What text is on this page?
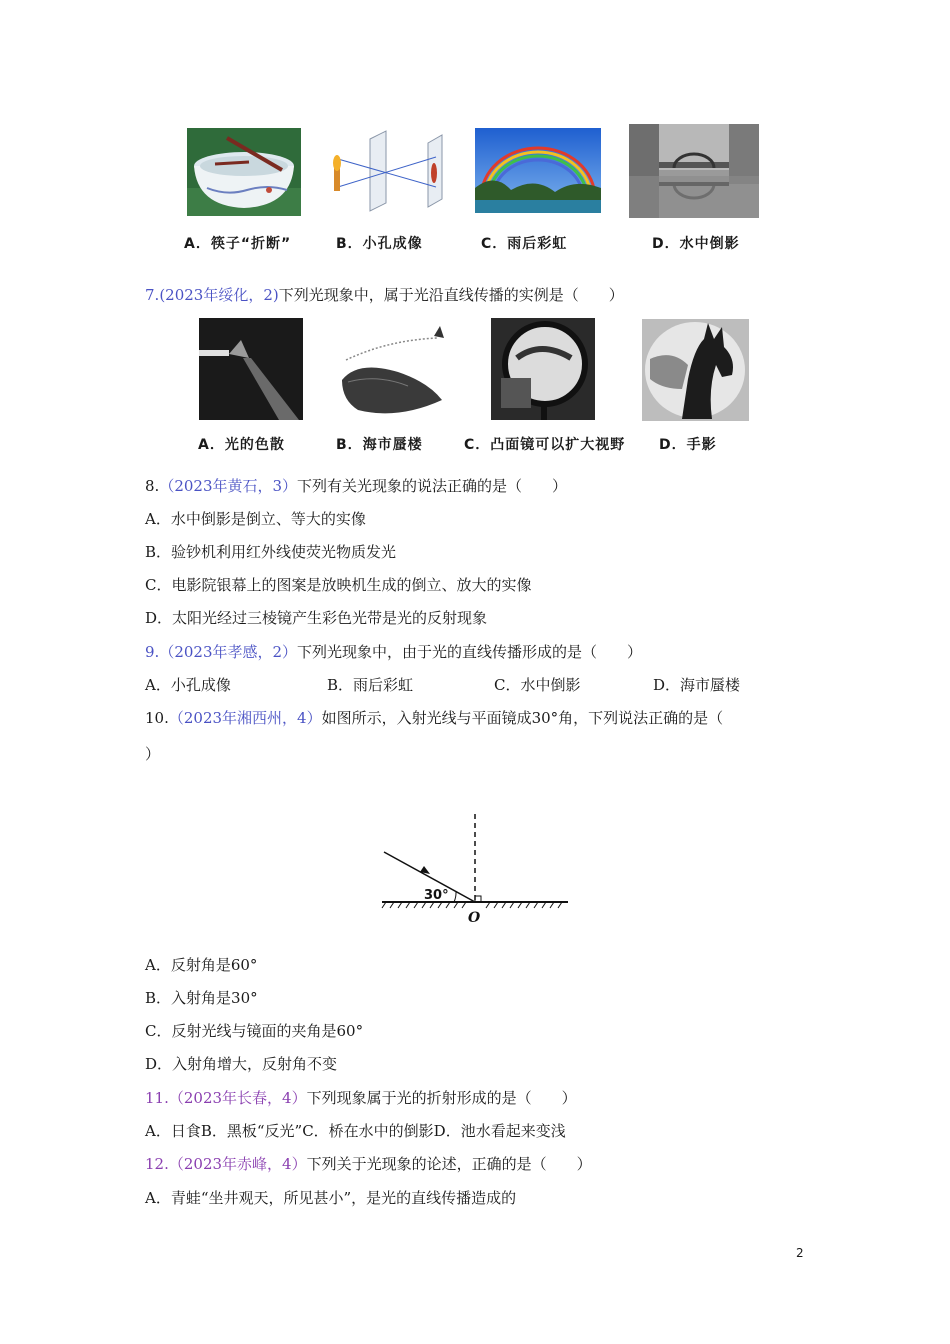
A．筷子“折断”	B．小孔成像	C．雨后彩虹	D．水中倒影
7.(2023年绥化，2)下列光现象中，属于光沿直线传播的实例是（　　）
A．光的色散	B．海市蜃楼	C．凸面镜可以扩大视野 D．手影
8.（2023年黄石，3）下列有关光现象的说法正确的是（　　）
A．水中倒影是倒立、等大的实像
B．验钞机利用红外线使荧光物质发光
C．电影院银幕上的图案是放映机生成的倒立、放大的实像
D．太阳光经过三棱镜产生彩色光带是光的反射现象
9.（2023年孝感，2）下列光现象中，由于光的直线传播形成的是（　　）
A．小孔成像	B．雨后彩虹	C．水中倒影	D．海市蜃楼
10.（2023年湘西州，4）如图所示，入射光线与平面镜成30°角，下列说法正确的是（
）
30°
O
A．反射角是60°
B．入射角是30°
C．反射光线与镜面的夹角是60°
D．入射角增大，反射角不变
11.（2023年长春，4）下列现象属于光的折射形成的是（　　）
A．日食B．黑板“反光”C．桥在水中的倒影D．池水看起来变浅
12.（2023年赤峰，4）下列关于光现象的论述，正确的是（　　）
A．青蛙“坐井观天，所见甚小”，是光的直线传播造成的
2
